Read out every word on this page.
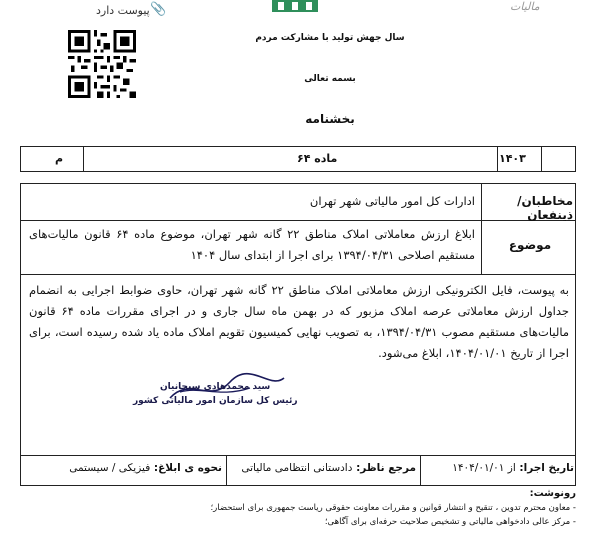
📎
پیوست دارد	مالیات
سال جهش تولید با مشارکت مردم
بسمه تعالی
بخشنامه
۱۴۰۳
ماده ۶۴
م
مخاطبان/ ذینفعان
ادارات کل امور مالیاتی شهر تهران
موضوع
ابلاغ ارزش معاملاتی املاک مناطق ۲۲ گانه شهر تهران، موضوع ماده ۶۴ قانون مالیات‌های مستقیم اصلاحی ۱۳۹۴/۰۴/۳۱ برای اجرا از ابتدای سال ۱۴۰۴
به پیوست، فایل الکترونیکی ارزش معاملاتی املاک مناطق ۲۲ گانه شهر تهران، حاوی ضوابط اجرایی به انضمام جداول ارزش معاملاتی عرصه املاک مزبور که در بهمن ماه سال جاری و در اجرای مقررات ماده ۶۴ قانون مالیات‌های مستقیم مصوب ۱۳۹۴/۰۴/۳۱، به تصویب نهایی کمیسیون تقویم املاک ماده یاد شده رسیده است، برای اجرا از تاریخ ۱۴۰۴/۰۱/۰۱، ابلاغ می‌شود.
سید محمدهادی سبحانیان
رئیس کل سازمان امور مالیاتی کشور
تاریخ اجرا: از ۱۴۰۴/۰۱/۰۱
مرجع ناظر: دادستانی انتظامی مالیاتی
نحوه ی ابلاغ: فیزیکی / سیستمی
رونوشت:
- معاون محترم تدوین ، تنقیح و انتشار قوانین و مقررات معاونت حقوقی ریاست جمهوری برای استحضار؛
- مرکز عالی دادخواهی مالیاتی و تشخیص صلاحیت حرفه‌ای برای آگاهی؛
